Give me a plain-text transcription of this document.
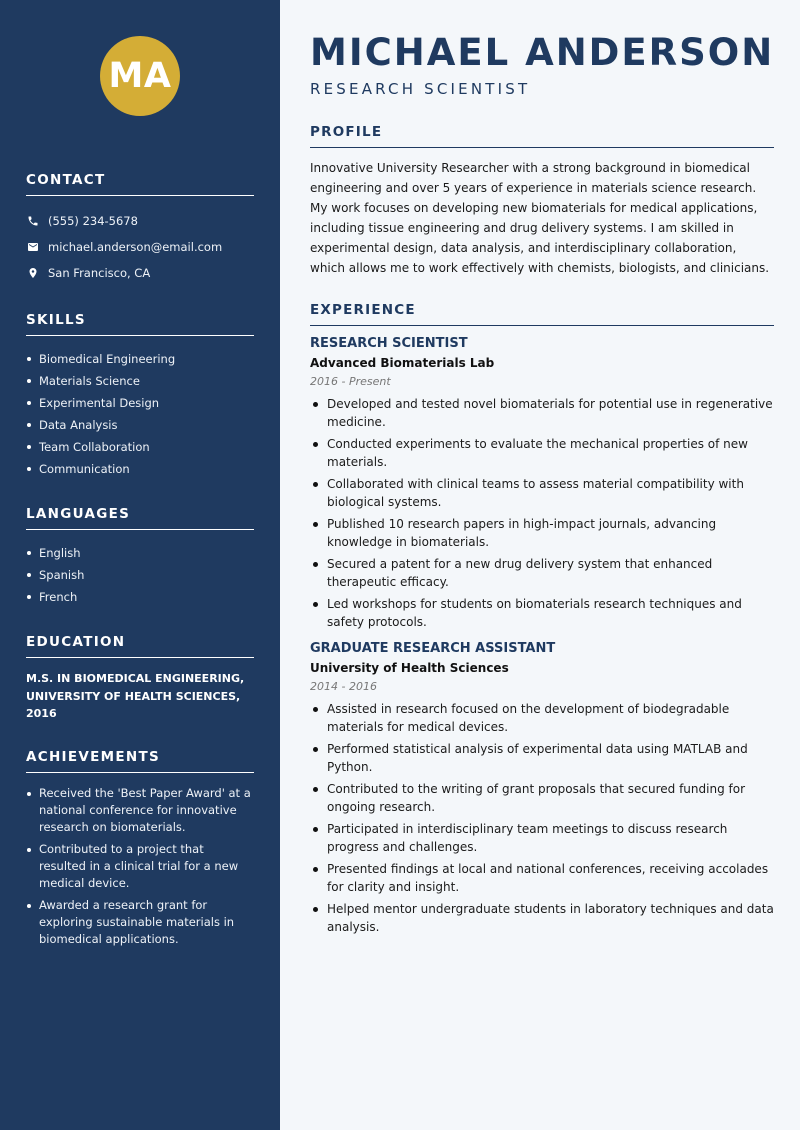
MA
CONTACT
(555) 234-5678
michael.anderson@email.com
San Francisco, CA
SKILLS
Biomedical Engineering
Materials Science
Experimental Design
Data Analysis
Team Collaboration
Communication
LANGUAGES
English
Spanish
French
EDUCATION
M.S. IN BIOMEDICAL ENGINEERING, UNIVERSITY OF HEALTH SCIENCES, 2016
ACHIEVEMENTS
Received the 'Best Paper Award' at a national conference for innovative research on biomaterials.
Contributed to a project that resulted in a clinical trial for a new medical device.
Awarded a research grant for exploring sustainable materials in biomedical applications.
MICHAEL ANDERSON
RESEARCH SCIENTIST
PROFILE

Innovative University Researcher with a strong background in biomedical engineering and over 5 years of experience in materials science research. My work focuses on developing new biomaterials for medical applications, including tissue engineering and drug delivery systems. I am skilled in experimental design, data analysis, and interdisciplinary collaboration, which allows me to work effectively with chemists, biologists, and clinicians.

EXPERIENCE
RESEARCH SCIENTIST
Advanced Biomaterials Lab
2016 - Present
Developed and tested novel biomaterials for potential use in regenerative medicine.
Conducted experiments to evaluate the mechanical properties of new materials.
Collaborated with clinical teams to assess material compatibility with biological systems.
Published 10 research papers in high-impact journals, advancing knowledge in biomaterials.
Secured a patent for a new drug delivery system that enhanced therapeutic efficacy.
Led workshops for students on biomaterials research techniques and safety protocols.
GRADUATE RESEARCH ASSISTANT
University of Health Sciences
2014 - 2016
Assisted in research focused on the development of biodegradable materials for medical devices.
Performed statistical analysis of experimental data using MATLAB and Python.
Contributed to the writing of grant proposals that secured funding for ongoing research.
Participated in interdisciplinary team meetings to discuss research progress and challenges.
Presented findings at local and national conferences, receiving accolades for clarity and insight.
Helped mentor undergraduate students in laboratory techniques and data analysis.
